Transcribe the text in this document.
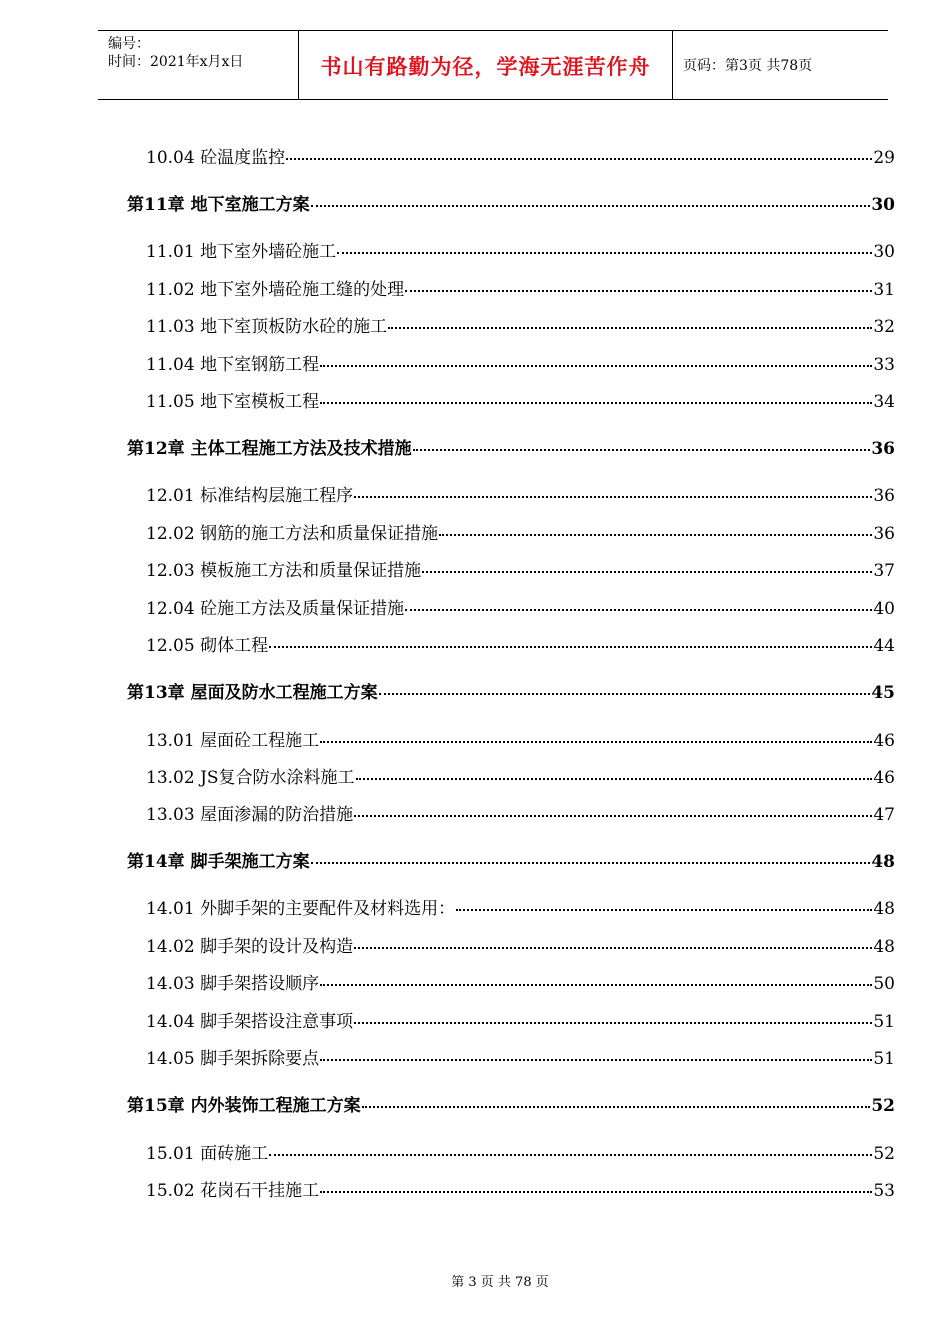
编号：
时间：2021年x月x日	书山有路勤为径，学海无涯苦作舟	页码：第3页 共78页
10.04 砼温度监控	29
第11章 地下室施工方案	30
11.01 地下室外墙砼施工	30
11.02 地下室外墙砼施工缝的处理	31
11.03 地下室顶板防水砼的施工	32
11.04 地下室钢筋工程	33
11.05 地下室模板工程	34
第12章 主体工程施工方法及技术措施	36
12.01 标准结构层施工程序	36
12.02 钢筋的施工方法和质量保证措施	36
12.03 模板施工方法和质量保证措施	37
12.04 砼施工方法及质量保证措施	40
12.05 砌体工程	44
第13章 屋面及防水工程施工方案	45
13.01 屋面砼工程施工	46
13.02 JS复合防水涂料施工	46
13.03 屋面渗漏的防治措施	47
第14章 脚手架施工方案	48
14.01 外脚手架的主要配件及材料选用：	48
14.02 脚手架的设计及构造	48
14.03 脚手架搭设顺序	50
14.04 脚手架搭设注意事项	51
14.05 脚手架拆除要点	51
第15章 内外装饰工程施工方案	52
15.01 面砖施工	52
15.02 花岗石干挂施工	53
第 3 页 共 78 页
